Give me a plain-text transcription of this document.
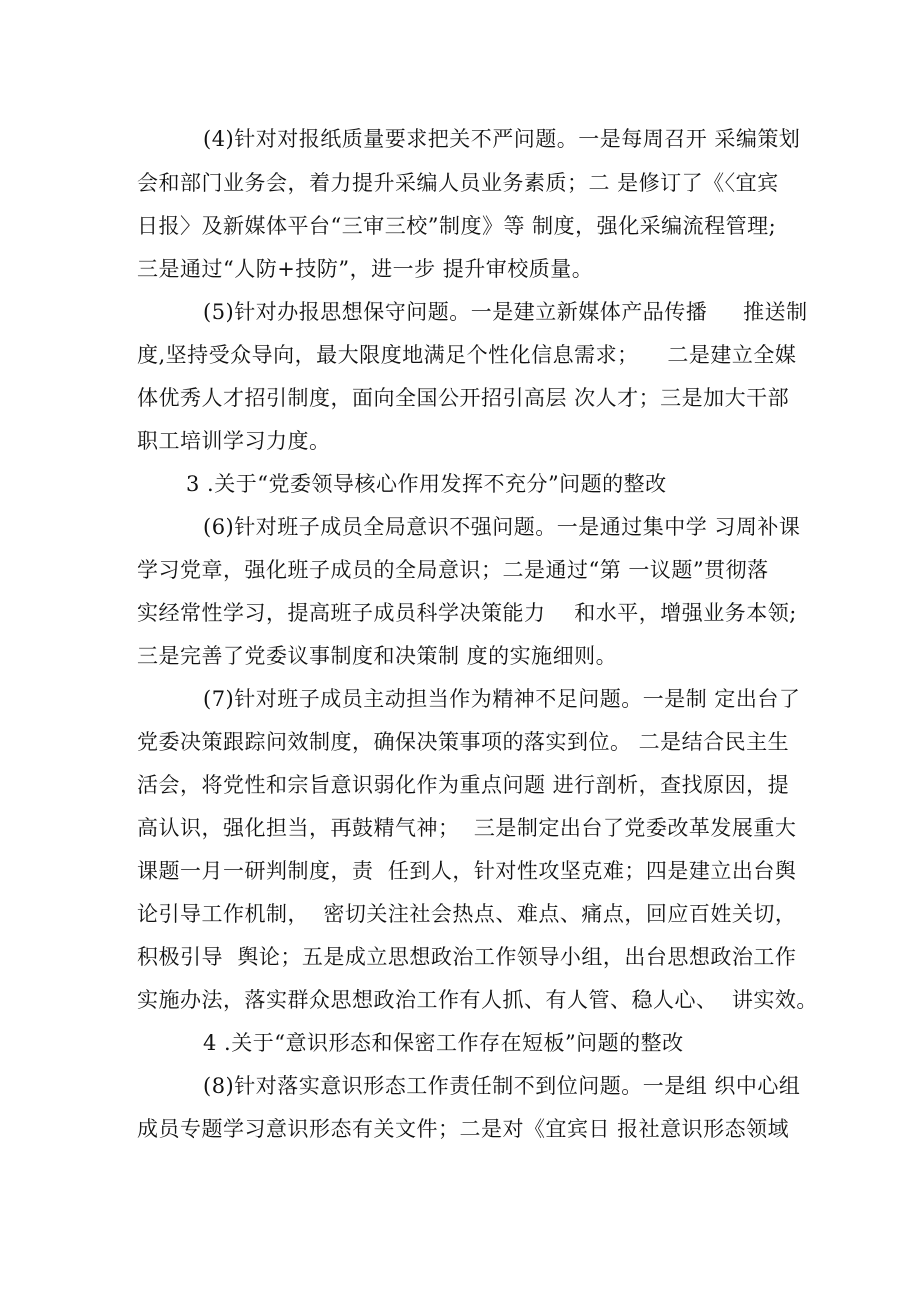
(4)针对对报纸质量要求把关不严问题。一是每周召开 采编策划
会和部门业务会，着力提升采编人员业务素质；二 是修订了《〈宜宾
日报〉及新媒体平台“三审三校”制度》等 制度，强化采编流程管理;
三是通过“人防+技防”，进一步 提升审校质量。
(5)针对办报思想保守问题。一是建立新媒体产品传播     推送制
度,坚持受众导向，最大限度地满足个性化信息需求；    二是建立全媒
体优秀人才招引制度，面向全国公开招引高层 次人才；三是加大干部
职工培训学习力度。
3 .关于“党委领导核心作用发挥不充分”问题的整改
(6)针对班子成员全局意识不强问题。一是通过集中学 习周补课
学习党章，强化班子成员的全局意识；二是通过“第 一议题”贯彻落
实经常性学习，提高班子成员科学决策能力    和水平，增强业务本领;
三是完善了党委议事制度和决策制 度的实施细则。
(7)针对班子成员主动担当作为精神不足问题。一是制 定出台了
党委决策跟踪问效制度，确保决策事项的落实到位。 二是结合民主生
活会，将党性和宗旨意识弱化作为重点问题 进行剖析，查找原因，提
高认识，强化担当，再鼓精气神；  三是制定出台了党委改革发展重大
课题一月一研判制度，责  任到人，针对性攻坚克难；四是建立出台舆
论引导工作机制，  密切关注社会热点、难点、痛点，回应百姓关切，
积极引导  舆论；五是成立思想政治工作领导小组，出台思想政治工作
实施办法，落实群众思想政治工作有人抓、有人管、稳人心、  讲实效。
4 .关于“意识形态和保密工作存在短板”问题的整改
(8)针对落实意识形态工作责任制不到位问题。一是组 织中心组
成员专题学习意识形态有关文件；二是对《宜宾日 报社意识形态领域
